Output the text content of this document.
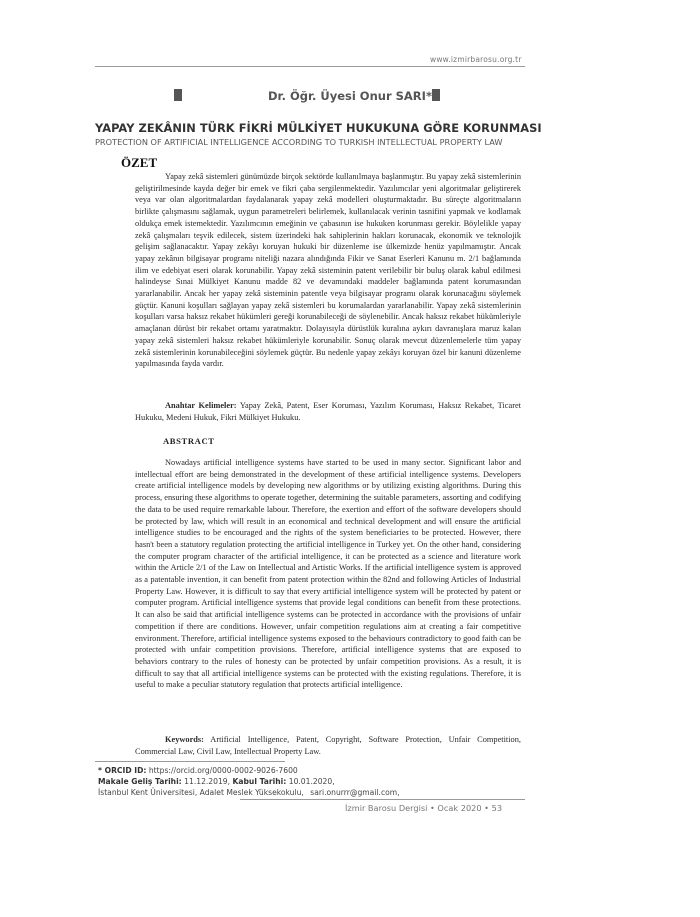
www.izmirbarosu.org.tr
Dr. Öğr. Üyesi Onur SARI*
YAPAY ZEKÂNIN TÜRK FİKRİ MÜLKİYET HUKUKUNA GÖRE KORUNMASI
PROTECTION OF ARTIFICIAL INTELLIGENCE ACCORDING TO TURKISH INTELLECTUAL PROPERTY LAW
ÖZET

Yapay zekâ sistemleri günümüzde birçok sektörde kullanılmaya başlanmıştır. Bu yapay zekâ sistemlerinin geliştirilmesinde kayda değer bir emek ve fikri çaba sergilenmektedir. Yazılımcılar yeni algoritmalar geliştirerek veya var olan algoritmalardan faydalanarak yapay zekâ modelleri oluşturmaktadır. Bu süreçte algoritmaların birlikte çalışmasını sağlamak, uygun parametreleri belirlemek, kullanılacak verinin tasnifini yapmak ve kodlamak oldukça emek istemektedir. Yazılımcının emeğinin ve çabasının ise hukuken korunması gerekir. Böylelikle yapay zekâ çalışmaları teşvik edilecek, sistem üzerindeki hak sahiplerinin hakları korunacak, ekonomik ve teknolojik gelişim sağlanacaktır. Yapay zekâyı koruyan hukuki bir düzenleme ise ülkemizde henüz yapılmamıştır. Ancak yapay zekânın bilgisayar programı niteliği nazara alındığında Fikir ve Sanat Eserleri Kanunu m. 2/1 bağlamında ilim ve edebiyat eseri olarak korunabilir. Yapay zekâ sisteminin patent verilebilir bir buluş olarak kabul edilmesi halindeyse Sınai Mülkiyet Kanunu madde 82 ve devamındaki maddeler bağlamında patent korumasından yararlanabilir. Ancak her yapay zekâ sisteminin patentle veya bilgisayar programı olarak korunacağını söylemek güçtür. Kanuni koşulları sağlayan yapay zekâ sistemleri bu korumalardan yararlanabilir. Yapay zekâ sistemlerinin koşulları varsa haksız rekabet hükümleri gereği korunabileceği de söylenebilir. Ancak haksız rekabet hükümleriyle amaçlanan dürüst bir rekabet ortamı yaratmaktır. Dolayısıyla dürüstlük kuralına aykırı davranışlara maruz kalan yapay zekâ sistemleri haksız rekabet hükümleriyle korunabilir. Sonuç olarak mevcut düzenlemelerle tüm yapay zekâ sistemlerinin korunabileceğini söylemek güçtür. Bu nedenle yapay zekâyı koruyan özel bir kanuni düzenleme yapılmasında fayda vardır.

Anahtar Kelimeler: Yapay Zekâ, Patent, Eser Koruması, Yazılım Koruması, Haksız Rekabet, Ticaret Hukuku, Medeni Hukuk, Fikri Mülkiyet Hukuku.
ABSTRACT

Nowadays artificial intelligence systems have started to be used in many sector. Significant labor and intellectual effort are being demonstrated in the development of these artificial intelligence systems. Developers create artificial intelligence models by developing new algorithms or by utilizing existing algorithms. During this process, ensuring these algorithms to operate together, determining the suitable parameters, assorting and codifying the data to be used require remarkable labour. Therefore, the exertion and effort of the software developers should be protected by law, which will result in an economical and technical development and will ensure the artificial intelligence studies to be encouraged and the rights of the system beneficiaries to be protected. However, there hasn't been a statutory regulation protecting the artificial intelligence in Turkey yet. On the other hand, considering the computer program character of the artificial intelligence, it can be protected as a science and literature work within the Article 2/1 of the Law on Intellectual and Artistic Works. If the artificial intelligence system is approved as a patentable invention, it can benefit from patent protection within the 82nd and following Articles of Industrial Property Law. However, it is difficult to say that every artificial intelligence system will be protected by patent or computer program. Artificial intelligence systems that provide legal conditions can benefit from these protections. It can also be said that artificial intelligence systems can be protected in accordance with the provisions of unfair competition if there are conditions. However, unfair competition regulations aim at creating a fair competitive environment. Therefore, artificial intelligence systems exposed to the behaviours contradictory to good faith can be protected with unfair competition provisions. Therefore, artificial intelligence systems that are exposed to behaviors contrary to the rules of honesty can be protected by unfair competition provisions. As a result, it is difficult to say that all artificial intelligence systems can be protected with the existing regulations. Therefore, it is useful to make a peculiar statutory regulation that protects artificial intelligence.

Keywords: Artificial Intelligence, Patent, Copyright, Software Protection, Unfair Competition, Commercial Law, Civil Law, Intellectual Property Law.
* ORCID ID: https://orcid.org/0000-0002-9026-7600
Makale Geliş Tarihi: 11.12.2019, Kabul Tarihi: 10.01.2020,
İstanbul Kent Üniversitesi, Adalet Meslek Yüksekokulu, sari.onurrr@gmail.com,
İzmir Barosu Dergisi • Ocak 2020 • 53
